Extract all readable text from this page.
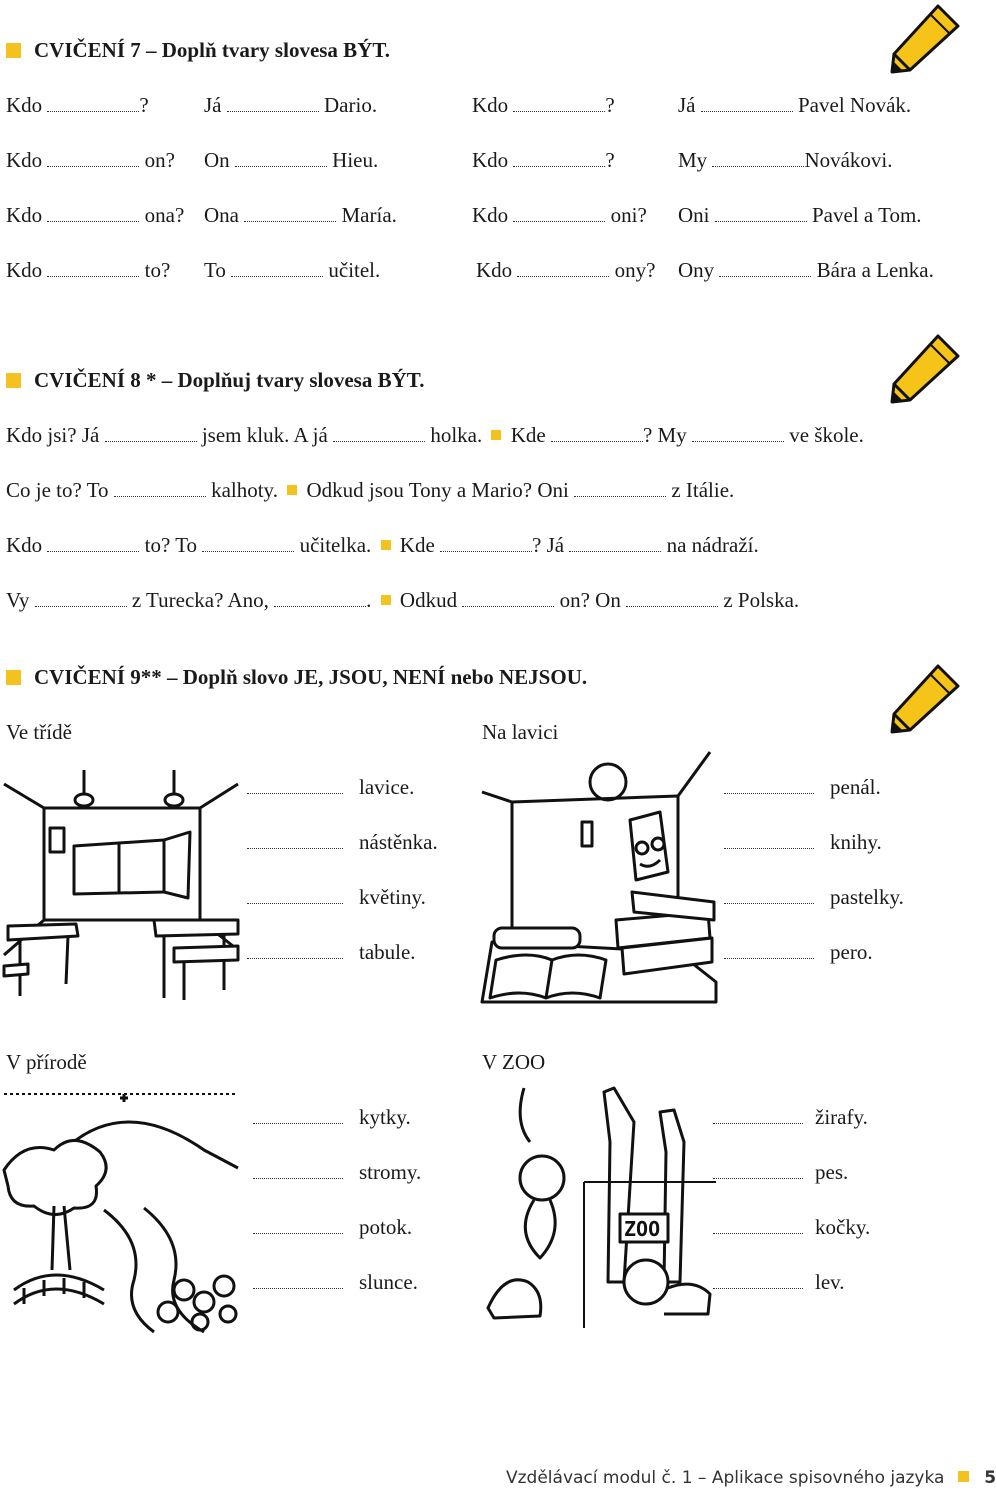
CVIČENÍ 7 – Doplň tvary slovesa BÝT.
Kdo	?	Já	Dario.
Kdo	on? On	Hieu.
Kdo	ona? Ona	María.
Kdo	to? To	učitel.
Kdo	?	Já	Pavel Novák.
Kdo	?	My	Novákovi.
Kdo	oni? Oni	Pavel a Tom.
Kdo	ony? Ony	Bára a Lenka.
CVIČENÍ 8 * – Doplňuj tvary slovesa BÝT.
Kdo jsi? Já	jsem kluk. A já	holka. Kde	? My	ve škole.
Co je to? To	kalhoty. Odkud jsou Tony a Mario? Oni	z Itálie.
Kdo	to? To	učitelka. Kde	? Já	na nádraží.
Vy	z Turecka? Ano,	. Odkud	on? On	z Polska.
CVIČENÍ 9** – Doplň slovo JE, JSOU, NENÍ nebo NEJSOU.
Ve třídě	Na lavici
lavice.
nástěnka.
květiny.
tabule.
penál.
knihy.
pastelky.
pero.
V přírodě	V ZOO
kytky.
stromy.
potok.
slunce.
ZOO
žirafy.
pes.
kočky.
lev.
Vzdělávací modul č. 1 – Aplikace spisovného jazyka 5
